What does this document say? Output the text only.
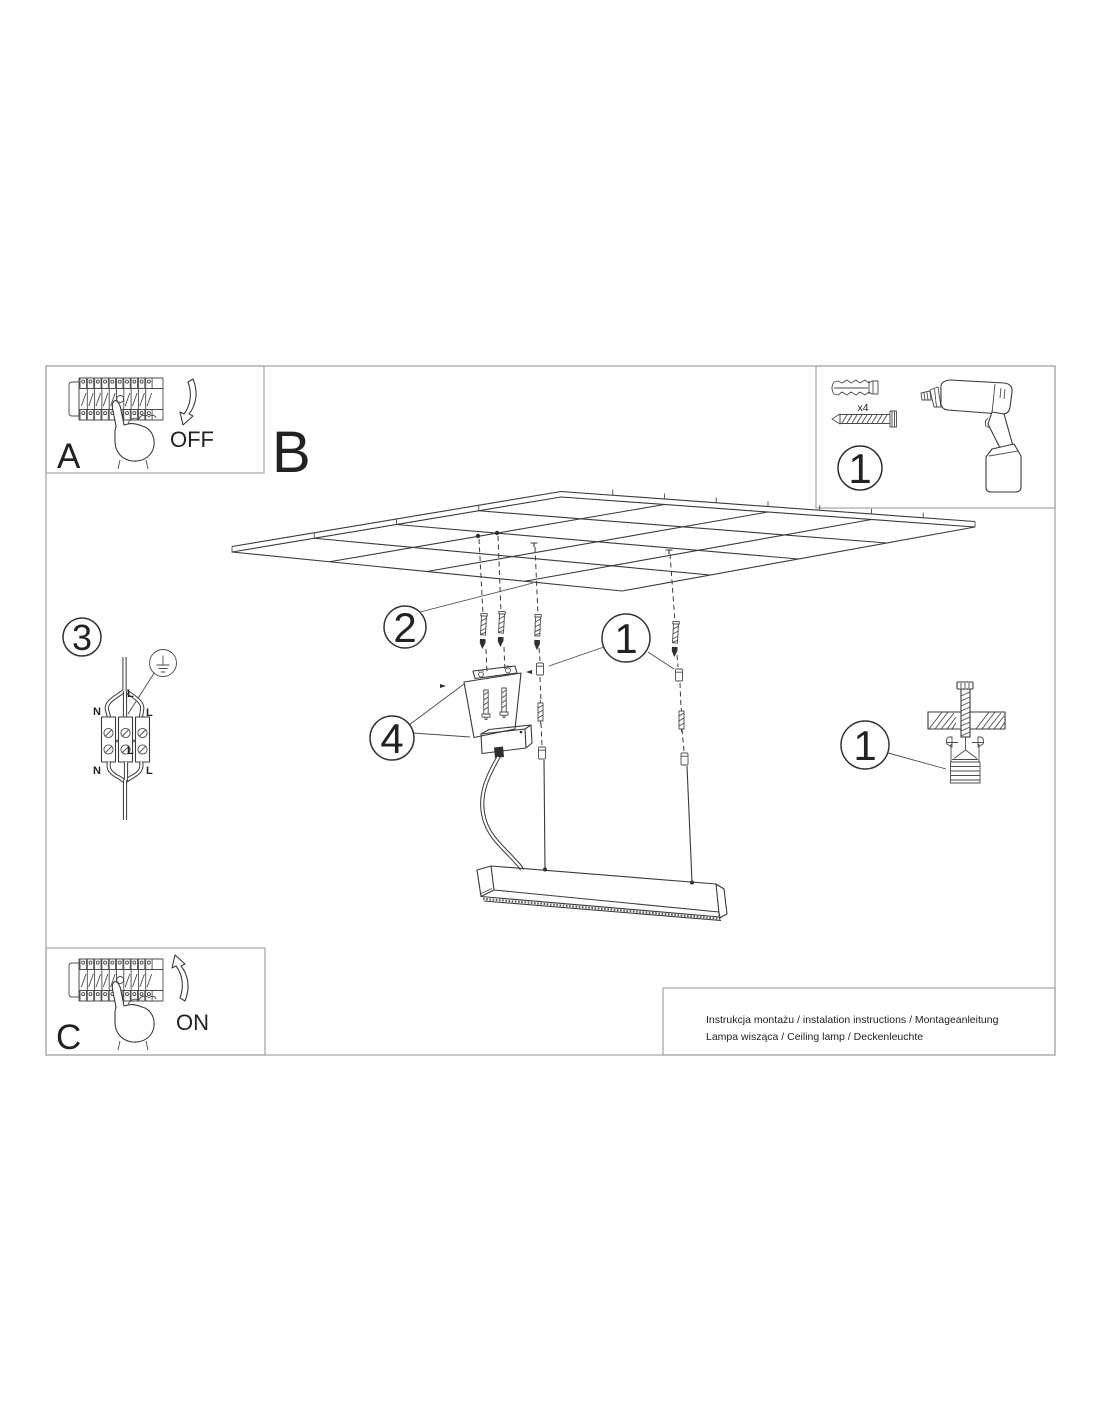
A	OFF B
x4
1
2	1
4
3
L
N	L
L
N	L
1
C	ON	Instrukcja montażu / instalation instructions / Montageanleitung
Lampa wisząca / Ceiling lamp / Deckenleuchte
